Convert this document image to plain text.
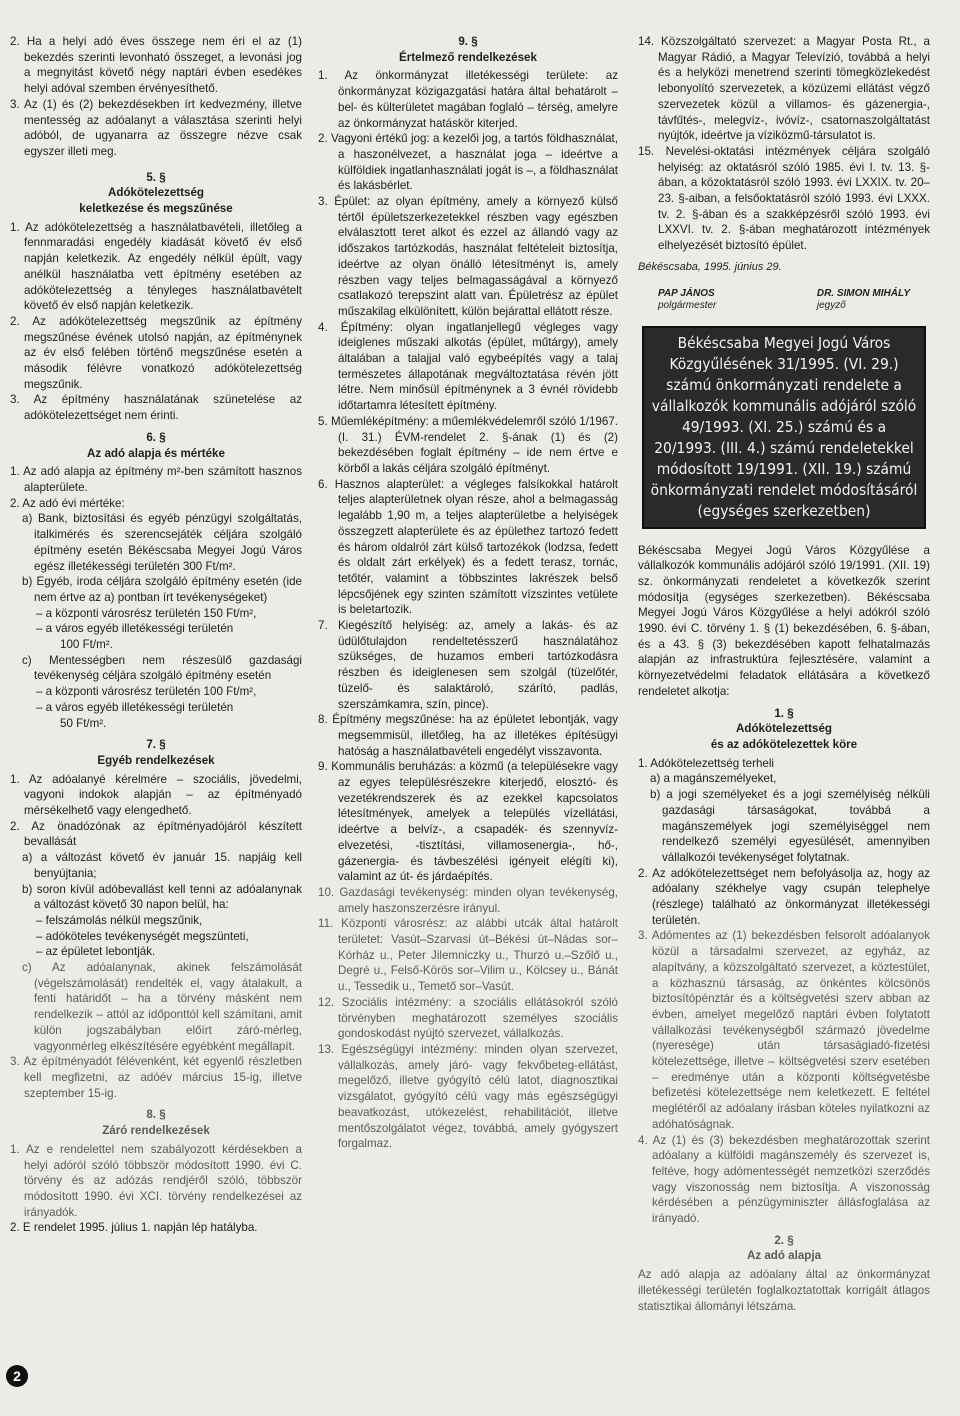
2. Ha a helyi adó éves összege nem éri el az (1) bekezdés szerinti levonható összeget, a levonási jog a megnyitást követő négy naptári évben esedékes helyi adóval szemben érvényesíthető.

3. Az (1) és (2) bekezdésekben írt kedvezmény, illetve mentesség az adóalanyt a választása szerinti helyi adóból, de ugyanarra az összegre nézve csak egyszer illeti meg.

5. §
Adókötelezettség
keletkezése és megszűnése

1. Az adókötelezettség a használatbavételi, illetőleg a fennmaradási engedély kiadását követő év első napján keletkezik. Az engedély nélkül épült, vagy anélkül használatba vett építmény esetében az adókötelezettség a tényleges használatbavételt követő év első napján keletkezik.

2. Az adókötelezettség megszűnik az építmény megszűnése évének utolsó napján, az építménynek az év első felében történő megszűnése esetén a második félévre vonatkozó adókötelezettség megszűnik.

3. Az építmény használatának szünetelése az adókötelezettséget nem érinti.

6. §
Az adó alapja és mértéke

1. Az adó alapja az építmény m²-ben számított hasznos alapterülete.

2. Az adó évi mértéke:

a) Bank, biztosítási és egyéb pénzügyi szolgáltatás, italkimérés és szerencsejáték céljára szolgáló építmény esetén Békéscsaba Megyei Jogú Város egész illetékességi területén 300 Ft/m².

b) Egyéb, iroda céljára szolgáló építmény esetén (ide nem értve az a) pontban írt tevékenységeket)

– a központi városrész területén 150 Ft/m²,

– a város egyéb illetékességi területén

100 Ft/m².

c) Mentességben nem részesülő gazdasági tevékenység céljára szolgáló építmény esetén

– a központi városrész területén 100 Ft/m²,

– a város egyéb illetékességi területén

50 Ft/m².

7. §
Egyéb rendelkezések

1. Az adóalanyé kérelmére – szociális, jövedelmi, vagyoni indokok alapján – az építményadó mérsékelhető vagy elengedhető.

2. Az önadózónak az építményadójáról készített bevallását

a) a változást követő év január 15. napjáig kell benyújtania;

b) soron kívül adóbevallást kell tenni az adóalanynak a változást követő 30 napon belül, ha:

– felszámolás nélkül megszűnik,

– adóköteles tevékenységét megszünteti,

– az épületet lebontják.

c) Az adóalanynak, akinek felszámolását (végelszámolását) rendelték el, vagy átalakult, a fenti határidőt – ha a törvény másként nem rendelkezik – attól az időponttól kell számítani, amit külön jogszabályban előírt záró-mérleg, vagyonmérleg elkészítésére egyébként megállapít.

3. Az építményadót félévenként, két egyenlő részletben kell megfizetni, az adóév március 15-ig, illetve szeptember 15-ig.

8. §
Záró rendelkezések

1. Az e rendelettel nem szabályozott kérdésekben a helyi adóról szóló többször módosított 1990. évi C. törvény és az adózás rendjéről szóló, többször módosított 1990. évi XCI. törvény rendelkezései az irányadók.

2. E rendelet 1995. július 1. napján lép hatályba.

9. §
Értelmező rendelkezések

1. Az önkormányzat illetékességi területe: az önkormányzat közigazgatási határa által behatárolt – bel- és külterületet magában foglaló – térség, amelyre az önkormányzat hatáskör kiterjed.

2. Vagyoni értékű jog: a kezelői jog, a tartós földhasználat, a haszonélvezet, a használat joga – ideértve a külföldiek ingatlanhasználati jogát is –, a földhasználat és lakásbérlet.

3. Épület: az olyan építmény, amely a környező külső tértől épületszerkezetekkel részben vagy egészben elválasztott teret alkot és ezzel az állandó vagy az időszakos tartózkodás, használat feltételeit biztosítja, ideértve az olyan önálló létesítményt is, amely részben vagy teljes belmagasságával a környező csatlakozó terepszint alatt van. Épületrész az épület műszakilag elkülönített, külön bejárattal ellátott része.

4. Építmény: olyan ingatlanjellegű végleges vagy ideiglenes műszaki alkotás (épület, műtárgy), amely általában a talajjal való egybeépítés vagy a talaj természetes állapotának megváltoztatása révén jött létre. Nem minősül építménynek a 3 évnél rövidebb időtartamra létesített építmény.

5. Műemléképítmény: a műemlékvédelemről szóló 1/1967. (I. 31.) ÉVM-rendelet 2. §-ának (1) és (2) bekezdésében foglalt építmény – ide nem értve e körből a lakás céljára szolgáló építményt.

6. Hasznos alapterület: a végleges falsíkokkal határolt teljes alapterületnek olyan része, ahol a belmagasság legalább 1,90 m, a teljes alapterületbe a helyiségek összegzett alapterülete és az épülethez tartozó fedett és három oldalról zárt külső tartozékok (lodzsa, fedett és oldalt zárt erkélyek) és a fedett terasz, tornác, tetőtér, valamint a többszintes lakrészek belső lépcsőjének egy szinten számított vízszintes vetülete is beletartozik.

7. Kiegészítő helyiség: az, amely a lakás- és az üdülőtulajdon rendeltetésszerű használatához szükséges, de huzamos emberi tartózkodásra részben és ideiglenesen sem szolgál (tüzelőtér, tüzelő- és salaktároló, szárító, padlás, szerszámkamra, szín, pince).

8. Építmény megszűnése: ha az épületet lebontják, vagy megsemmisül, illetőleg, ha az illetékes építésügyi hatóság a használatbavételi engedélyt visszavonta.

9. Kommunális beruházás: a közmű (a településekre vagy az egyes településrészekre kiterjedő, elosztó- és vezetékrendszerek és az ezekkel kapcsolatos létesítmények, amelyek a település vízellátási, ideértve a belvíz-, a csapadék- és szennyvíz-elvezetési, -tisztítási, villamosenergia-, hő-, gázenergia- és távbeszélési igényeit elégíti ki), valamint az út- és járdaépítés.

10. Gazdasági tevékenység: minden olyan tevékenység, amely haszonszerzésre irányul.

11. Központi városrész: az alábbi utcák által határolt területet: Vasút–Szarvasi út–Békési út–Nádas sor–Kórház u., Peter Jilemniczky u., Thurzó u.–Szőlő u., Degré u., Felső-Körös sor–Vilim u., Kölcsey u., Bánát u., Tessedik u., Temető sor–Vasút.

12. Szociális intézmény: a szociális ellátásokról szóló törvényben meghatározott személyes szociális gondoskodást nyújtó szervezet, vállalkozás.

13. Egészségügyi intézmény: minden olyan szervezet, vállalkozás, amely járó- vagy fekvőbeteg-ellátást, megelőző, illetve gyógyító célú latot, diagnosztikai vizsgálatot, gyógyító célú vagy más egészségügyi beavatkozást, utókezelést, rehabilitációt, illetve mentőszolgálatot végez, továbbá, amely gyógyszert forgalmaz.

14. Közszolgáltató szervezet: a Magyar Posta Rt., a Magyar Rádió, a Magyar Televízió, továbbá a helyi és a helyközi menetrend szerinti tömegközlekedést lebonyolító szervezetek, a közüzemi ellátást végző szervezetek közül a villamos- és gázenergia-, távfűtés-, melegvíz-, ivóvíz-, csatornaszolgáltatást nyújtók, ideértve ja víziközmű-társulatot is.

15. Nevelési-oktatási intézmények céljára szolgáló helyiség: az oktatásról szóló 1985. évi I. tv. 13. §-ában, a közoktatásról szóló 1993. évi LXXIX. tv. 20–23. §-aiban, a felsőoktatásról szóló 1993. évi LXXX. tv. 2. §-ában és a szakképzésről szóló 1993. évi LXXVI. tv. 2. §-ában meghatározott intézmények elhelyezését biztosító épület.

Békéscsaba, 1995. június 29.
PAP JÁNOS
polgármester
DR. SIMON MIHÁLY
jegyző
Békéscsaba Megyei Jogú Város Közgyűlésének 31/1995. (VI. 29.) számú önkormányzati rendelete a vállalkozók kommunális adójáról szóló 49/1993. (XI. 25.) számú és a 20/1993. (III. 4.) számú rendeletekkel módosított 19/1991. (XII. 19.) számú önkormányzati rendelet módosításáról (egységes szerkezetben)

Békéscsaba Megyei Jogú Város Közgyűlése a vállalkozók kommunális adójáról szóló 19/1991. (XII. 19) sz. önkormányzati rendeletet a következők szerint módosítja (egységes szerkezetben). Békéscsaba Megyei Jogú Város Közgyűlése a helyi adókról szóló 1990. évi C. törvény 1. § (1) bekezdésében, 6. §-ában, és a 43. § (3) bekezdésében kapott felhatalmazás alapján az infrastruktúra fejlesztésére, valamint a környezetvédelmi feladatok ellátására a következő rendeletet alkotja:

1. §
Adókötelezettség
és az adókötelezettek köre

1. Adókötelezettség terheli

a) a magánszemélyeket,

b) a jogi személyeket és a jogi személyiség nélküli gazdasági társaságokat, továbbá a magánszemélyek jogi személyiséggel nem rendelkező személyi egyesülését, amennyiben vállalkozói tevékenységet folytatnak.

2. Az adókötelezettséget nem befolyásolja az, hogy az adóalany székhelye vagy csupán telephelye (részlege) található az önkormányzat illetékességi területén.

3. Adómentes az (1) bekezdésben felsorolt adóalanyok közül a társadalmi szervezet, az egyház, az alapítvány, a közszolgáltató szervezet, a köztestület, a közhasznú társaság, az önkéntes kölcsönös biztosítópénztár és a költségvetési szerv abban az évben, amelyet megelőző naptári évben folytatott vállalkozási tevékenységből származó jövedelme (nyeresége) után társaságiadó-fizetési kötelezettsége, illetve – költségvetési szerv esetében – eredménye után a központi költségvetésbe befizetési kötelezettsége nem keletkezett. E feltétel meglétéről az adóalany írásban köteles nyilatkozni az adóhatóságnak.

4. Az (1) és (3) bekezdésben meghatározottak szerint adóalany a külföldi magánszemély és szervezet is, feltéve, hogy adómentességét nemzetközi szerződés vagy viszonosság nem biztosítja. A viszonosság kérdésében a pénzügyminiszter állásfoglalása az irányadó.

2. §
Az adó alapja

Az adó alapja az adóalany által az önkormányzat illetékességi területén foglalkoztatottak korrigált átlagos statisztikai állományi létszáma.

2
